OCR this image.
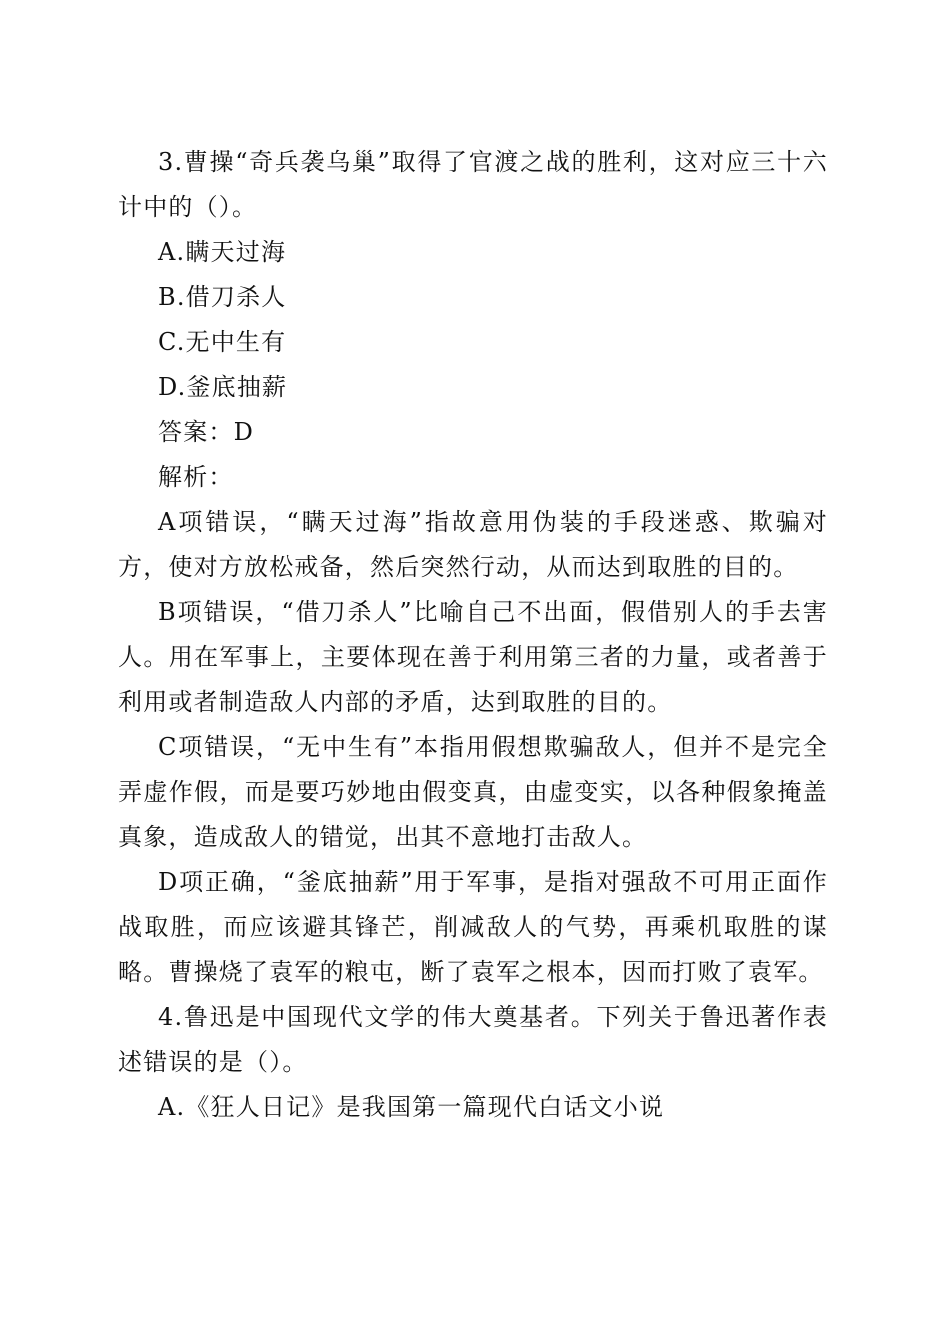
3.曹操“奇兵袭乌巢”取得了官渡之战的胜利，这对应三十六计中的（）。

A.瞒天过海

B.借刀杀人

C.无中生有

D.釜底抽薪

答案：D

解析：

A项错误，“瞒天过海”指故意用伪装的手段迷惑、欺骗对方，使对方放松戒备，然后突然行动，从而达到取胜的目的。

B项错误，“借刀杀人”比喻自己不出面，假借别人的手去害人。用在军事上，主要体现在善于利用第三者的力量，或者善于利用或者制造敌人内部的矛盾，达到取胜的目的。

C项错误，“无中生有”本指用假想欺骗敌人，但并不是完全弄虚作假，而是要巧妙地由假变真，由虚变实，以各种假象掩盖真象，造成敌人的错觉，出其不意地打击敌人。

D项正确，“釜底抽薪”用于军事，是指对强敌不可用正面作战取胜，而应该避其锋芒，削减敌人的气势，再乘机取胜的谋略。曹操烧了袁军的粮屯，断了袁军之根本，因而打败了袁军。

4.鲁迅是中国现代文学的伟大奠基者。下列关于鲁迅著作表述错误的是（）。

A.《狂人日记》是我国第一篇现代白话文小说
